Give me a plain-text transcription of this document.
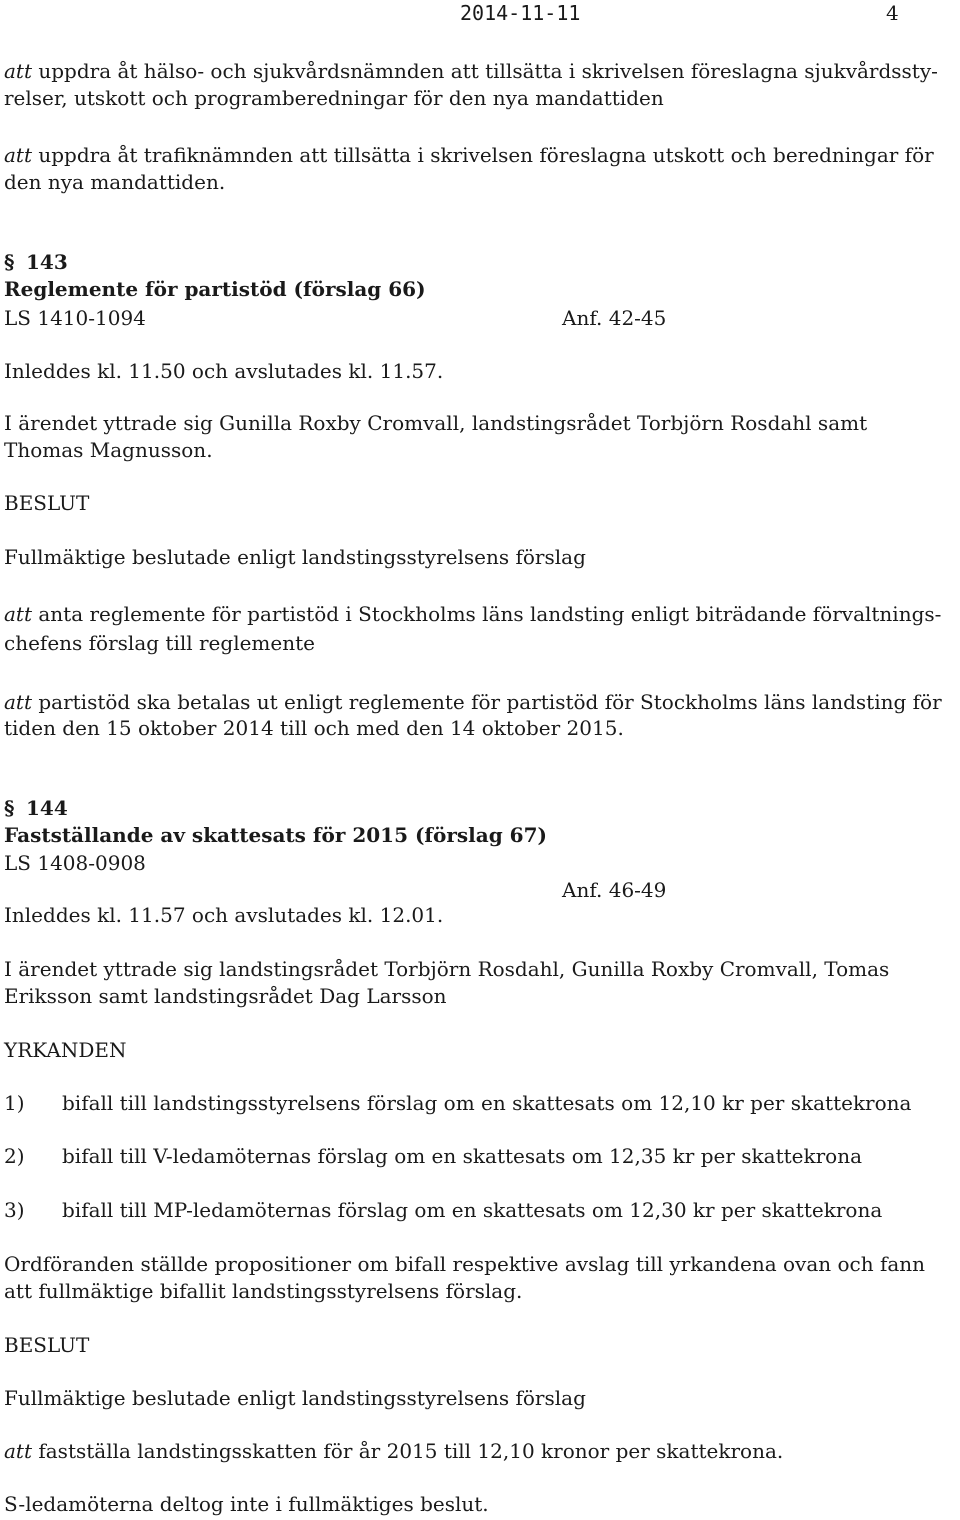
2014-11-11	4
att uppdra åt hälso- och sjukvårdsnämnden att tillsätta i skrivelsen föreslagna sjukvårdssty-
relser, utskott och programberedningar för den nya mandattiden
att uppdra åt trafiknämnden att tillsätta i skrivelsen föreslagna utskott och beredningar för
den nya mandattiden.
§ 143
Reglemente för partistöd (förslag 66)
LS 1410-1094	Anf. 42-45
Inleddes kl. 11.50 och avslutades kl. 11.57.
I ärendet yttrade sig Gunilla Roxby Cromvall, landstingsrådet Torbjörn Rosdahl samt
Thomas Magnusson.
BESLUT
Fullmäktige beslutade enligt landstingsstyrelsens förslag
att anta reglemente för partistöd i Stockholms läns landsting enligt biträdande förvaltnings-
chefens förslag till reglemente
att partistöd ska betalas ut enligt reglemente för partistöd för Stockholms läns landsting för
tiden den 15 oktober 2014 till och med den 14 oktober 2015.
§ 144
Fastställande av skattesats för 2015 (förslag 67)
LS 1408-0908
Anf. 46-49
Inleddes kl. 11.57 och avslutades kl. 12.01.
I ärendet yttrade sig landstingsrådet Torbjörn Rosdahl, Gunilla Roxby Cromvall, Tomas
Eriksson samt landstingsrådet Dag Larsson
YRKANDEN
1) bifall till landstingsstyrelsens förslag om en skattesats om 12,10 kr per skattekrona
2) bifall till V-ledamöternas förslag om en skattesats om 12,35 kr per skattekrona
3) bifall till MP-ledamöternas förslag om en skattesats om 12,30 kr per skattekrona
Ordföranden ställde propositioner om bifall respektive avslag till yrkandena ovan och fann
att fullmäktige bifallit landstingsstyrelsens förslag.
BESLUT
Fullmäktige beslutade enligt landstingsstyrelsens förslag
att fastställa landstingsskatten för år 2015 till 12,10 kronor per skattekrona.
S-ledamöterna deltog inte i fullmäktiges beslut.
